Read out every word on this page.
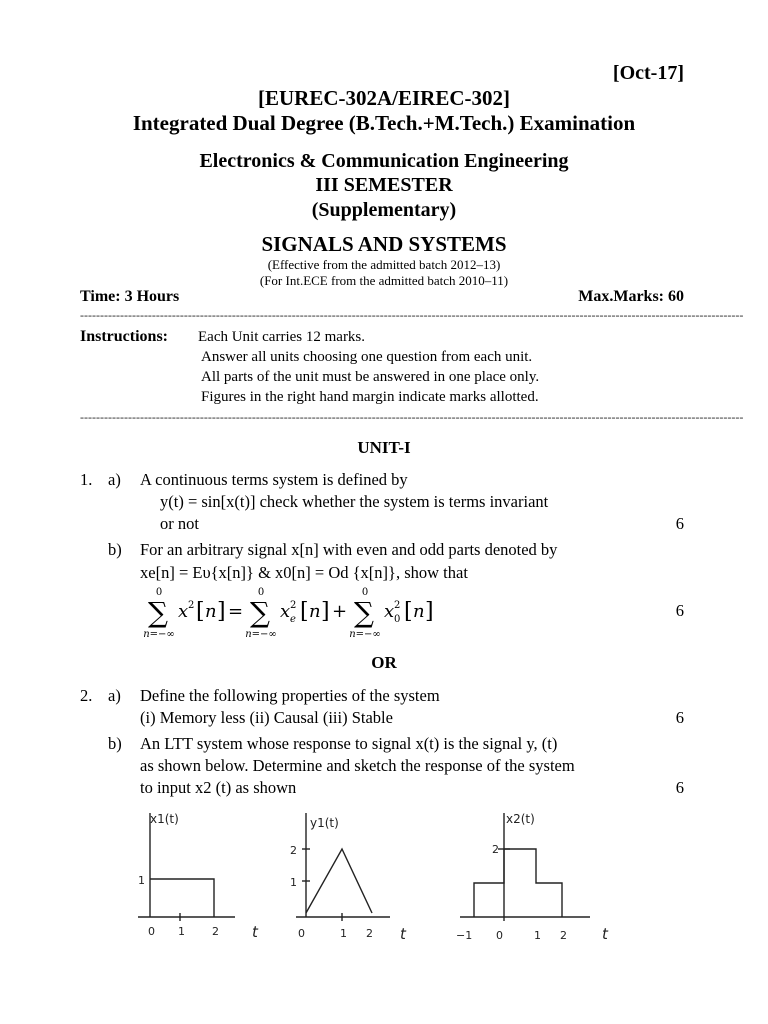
[Oct-17]
[EUREC-302A/EIREC-302]
Integrated Dual Degree (B.Tech.+M.Tech.) Examination
Electronics & Communication Engineering
III SEMESTER
(Supplementary)
SIGNALS AND SYSTEMS
(Effective from the admitted batch 2012–13)
(For Int.ECE from the admitted batch 2010–11)
Time: 3 Hours	Max.Marks: 60
----------------------------------------------------------------------------------------------------------------------------------------------------------------------
Instructions: Each Unit carries 12 marks.
Answer all units choosing one question from each unit.
All parts of the unit must be answered in one place only.
Figures in the right hand margin indicate marks allotted.
----------------------------------------------------------------------------------------------------------------------------------------------------------------------
UNIT-I
1. a) A continuous terms system is defined by
y(t) = sin[x(t)] check whether the system is terms invariant
or not	6
b) For an arbitrary signal x[n] with even and odd parts denoted by
xe[n] = Eυ{x[n]} & x0[n] = Od {x[n]}, show that
0
∑
n=−∞
x 2 [ n ] =
0
∑
n=−∞
x 2
e [ n ] +
0
∑
n=−∞
x 2
0 [ n ]	6
OR
2. a) Define the following properties of the system
(i) Memory less (ii) Causal (iii) Stable	6
b) An LTT system whose response to signal x(t) is the signal y, (t)
as shown below. Determine and sketch the response of the system
to input x2 (t) as shown	6
x1(t)
1
0 1 2 t
y1(t)
2
1
0	1 2 t
x2(t)
2
−1 0	1 2 t
